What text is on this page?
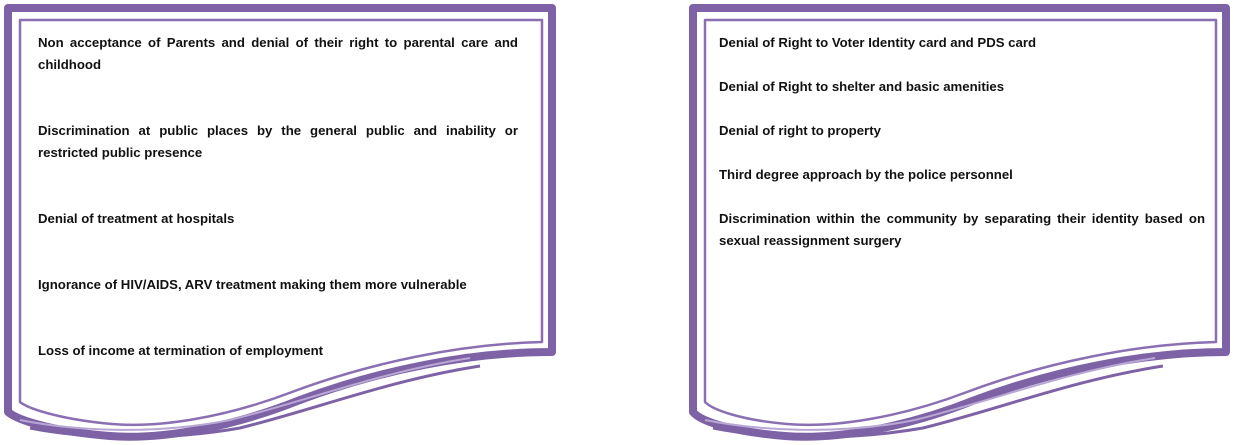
Non acceptance of Parents and denial of their right to parental care and childhood

Discrimination at public places by the general public and inability or restricted public presence

Denial of treatment at hospitals

Ignorance of HIV/AIDS, ARV treatment making them more vulnerable

Loss of income at termination of employment

Denial of Right to Voter Identity card and PDS card

Denial of Right to shelter and basic amenities

Denial of right to property

Third degree approach by the police personnel

Discrimination within the community by separating their identity based on sexual reassignment surgery
